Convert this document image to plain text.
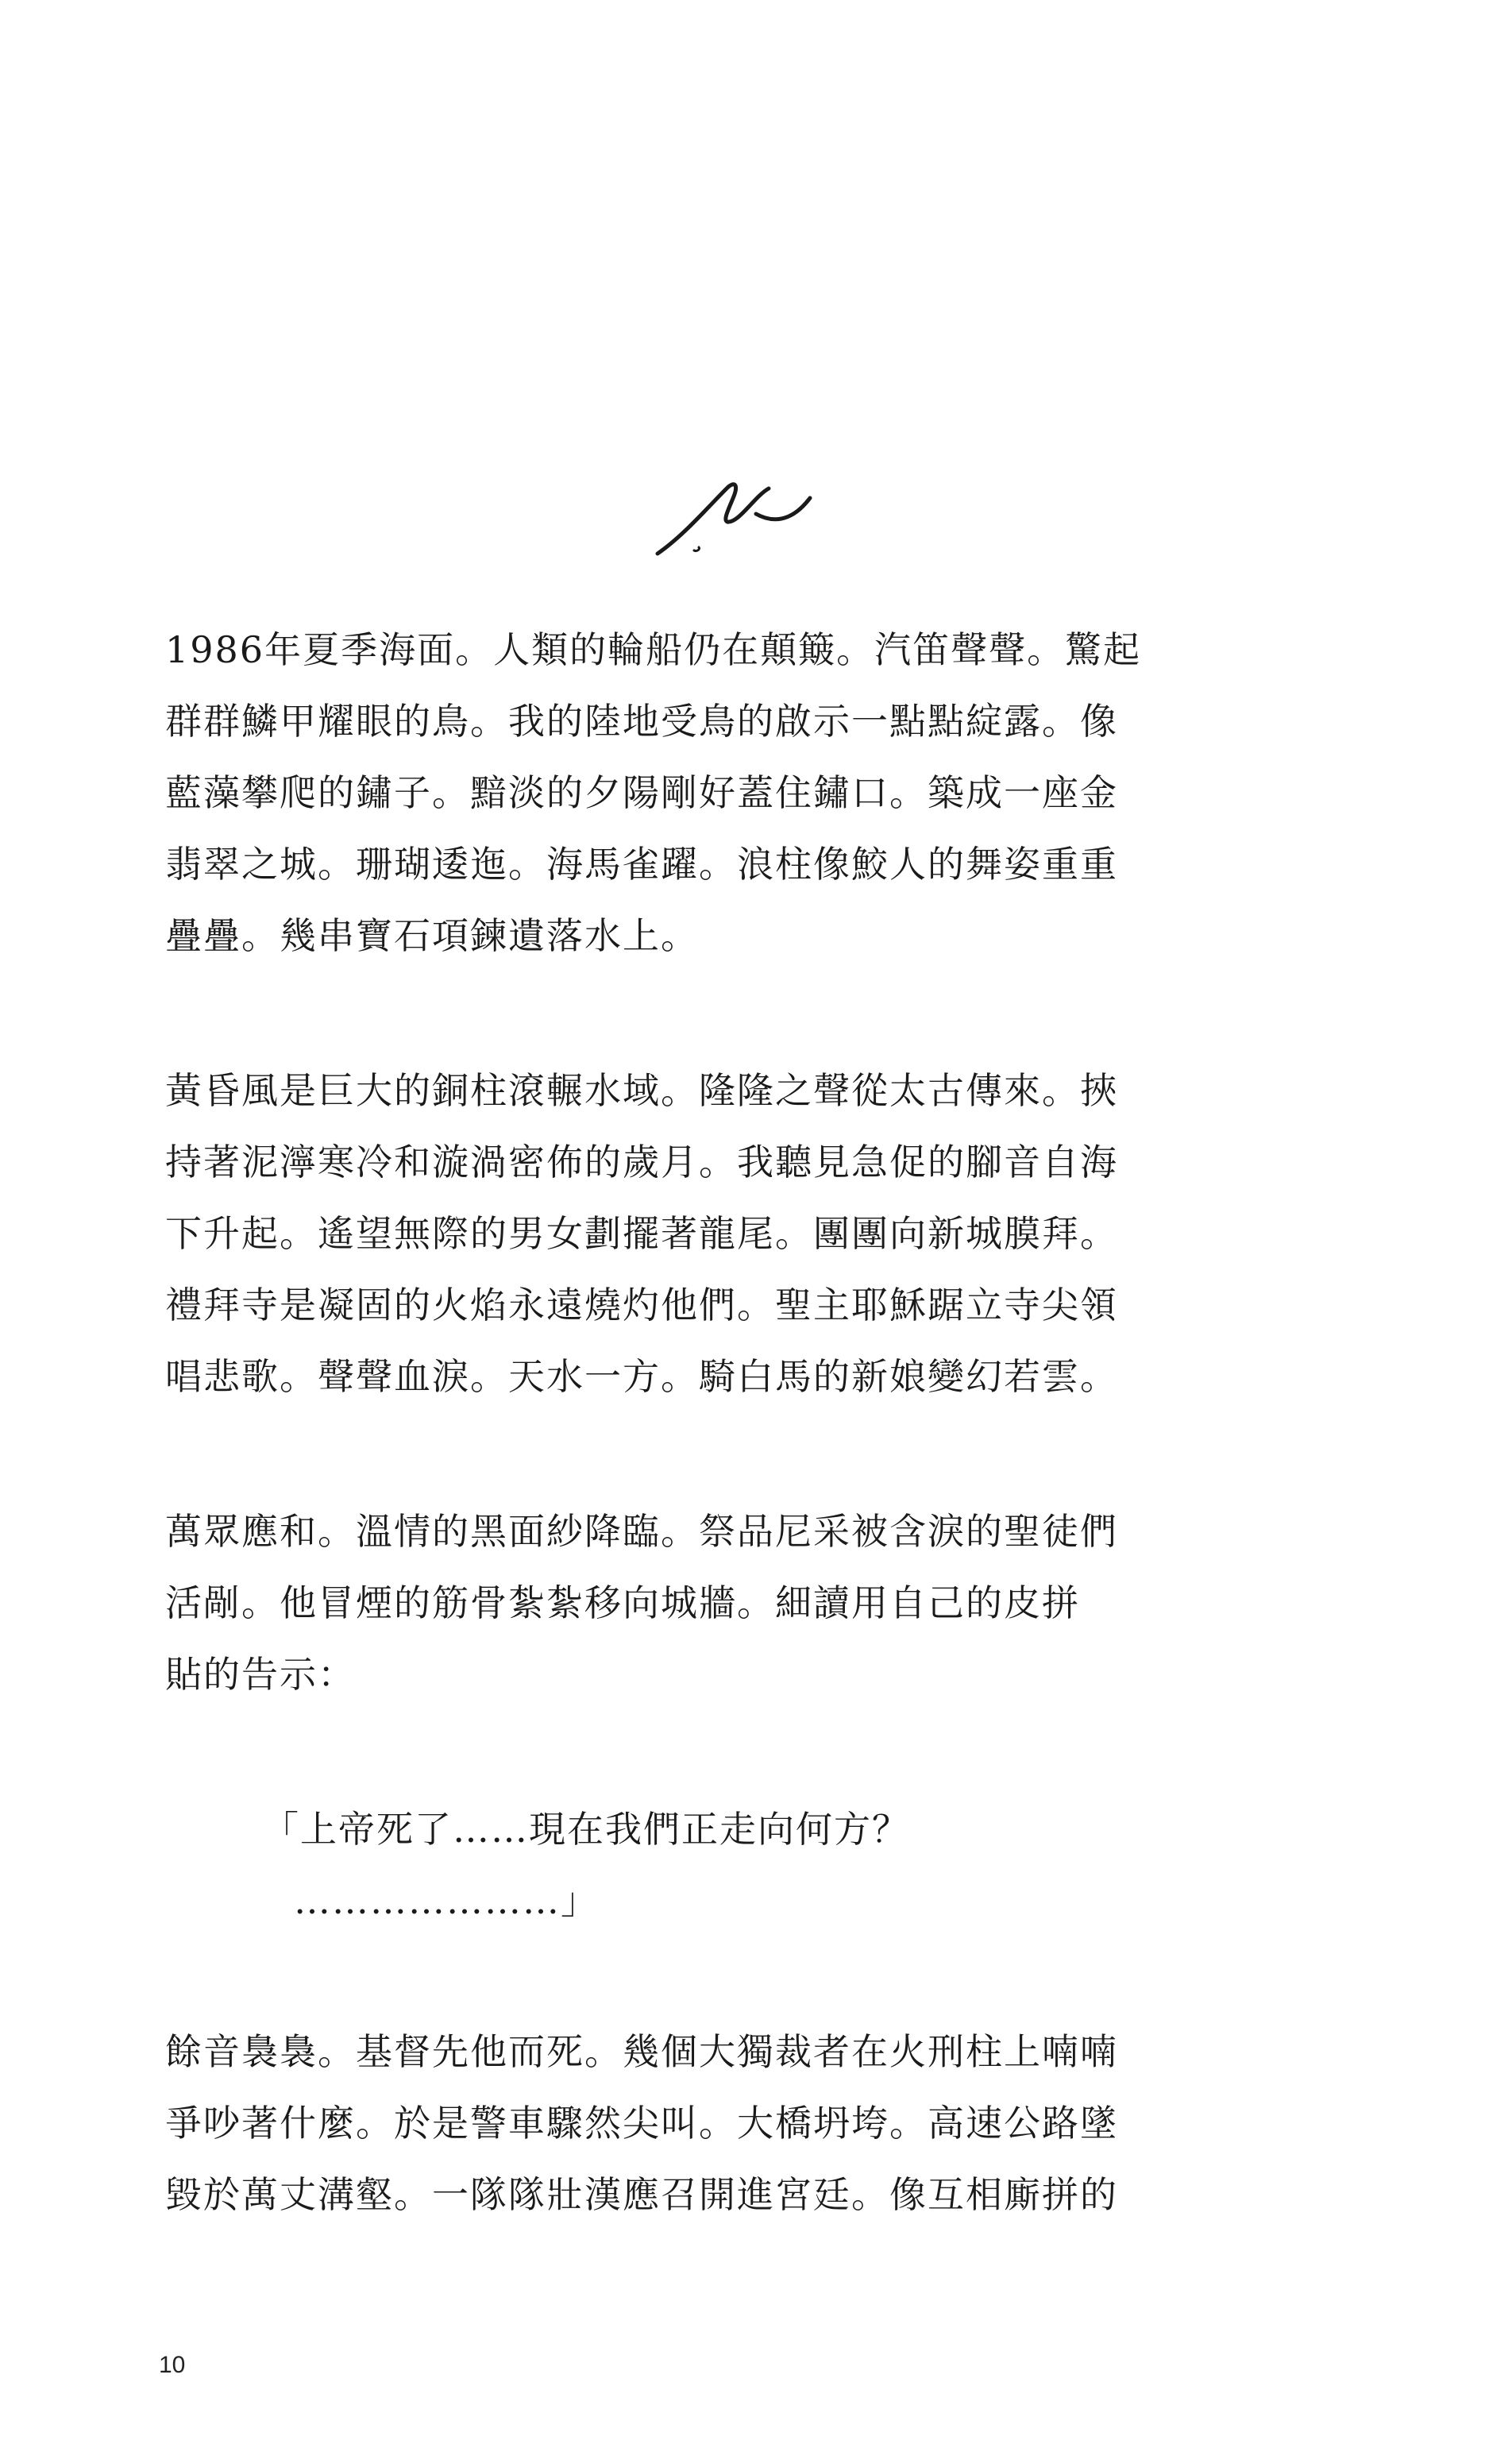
1986年夏季海面。人類的輪船仍在顛簸。汽笛聲聲。驚起
群群鱗甲耀眼的鳥。我的陸地受鳥的啟示一點點綻露。像
藍藻攀爬的鏽子。黯淡的夕陽剛好蓋住鏽口。築成一座金
翡翠之城。珊瑚逶迤。海馬雀躍。浪柱像鮫人的舞姿重重
疊疊。幾串寶石項鍊遺落水上。
黃昏風是巨大的銅柱滾輾水域。隆隆之聲從太古傳來。挾
持著泥濘寒冷和漩渦密佈的歲月。我聽見急促的腳音自海
下升起。遙望無際的男女劃擺著龍尾。團團向新城膜拜。
禮拜寺是凝固的火焰永遠燒灼他們。聖主耶穌踞立寺尖領
唱悲歌。聲聲血淚。天水一方。騎白馬的新娘變幻若雲。
萬眾應和。溫情的黑面紗降臨。祭品尼采被含淚的聖徒們
活剮。他冒煙的筋骨紮紮移向城牆。細讀用自己的皮拼
貼的告示：
「上帝死了……現在我們正走向何方？
…………………」
餘音裊裊。基督先他而死。幾個大獨裁者在火刑柱上喃喃
爭吵著什麼。於是警車驟然尖叫。大橋坍垮。高速公路墜
毀於萬丈溝壑。一隊隊壯漢應召開進宮廷。像互相廝拼的
10
